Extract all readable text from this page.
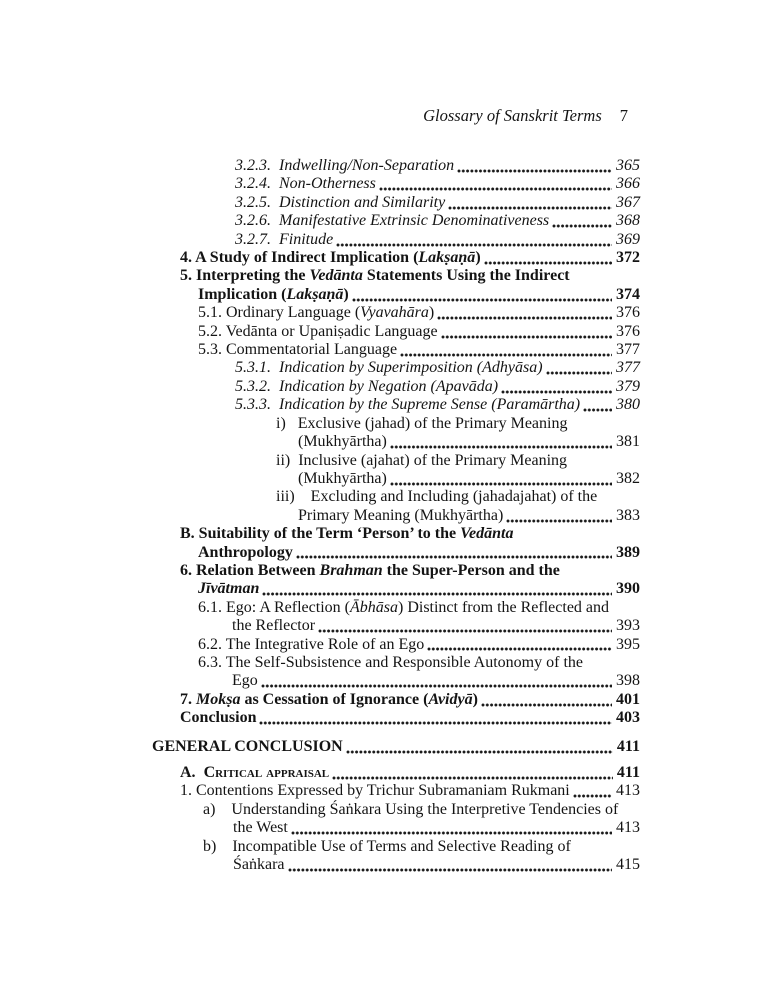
Glossary of Sanskrit Terms 7
3.2.3.  Indwelling/Non-Separation	365
3.2.4.  Non-Otherness	366
3.2.5.  Distinction and Similarity	367
3.2.6.  Manifestative Extrinsic Denominativeness	368
3.2.7.  Finitude	369
4. A Study of Indirect Implication (Lakṣaṇā)	372
5. Interpreting the Vedānta Statements Using the Indirect
Implication (Lakṣaṇā)	374
5.1. Ordinary Language (Vyavahāra)	376
5.2. Vedānta or Upaniṣadic Language	376
5.3. Commentatorial Language	377
5.3.1.  Indication by Superimposition (Adhyāsa)	377
5.3.2.  Indication by Negation (Apavāda)	379
5.3.3.  Indication by the Supreme Sense (Paramārtha) 380
i)   Exclusive (jahad) of the Primary Meaning
(Mukhyārtha)	381
ii)  Inclusive (ajahat) of the Primary Meaning
(Mukhyārtha)	382
iii)    Excluding and Including (jahadajahat) of the
Primary Meaning (Mukhyārtha)	383
B. Suitability of the Term ‘Person’ to the Vedānta
Anthropology	389
6. Relation Between Brahman the Super-Person and the
Jīvātman	390
6.1. Ego: A Reflection (Ābhāsa) Distinct from the Reflected and
the Reflector	393
6.2. The Integrative Role of an Ego	395
6.3. The Self-Subsistence and Responsible Autonomy of the
Ego	398
7. Mokṣa as Cessation of Ignorance (Avidyā)	401
Conclusion	403
GENERAL CONCLUSION	411
A.  Critical appraisal	411
1. Contentions Expressed by Trichur Subramaniam Rukmani	413
a)    Understanding Śaṅkara Using the Interpretive Tendencies of
the West	413
b)    Incompatible Use of Terms and Selective Reading of
Śaṅkara	415
